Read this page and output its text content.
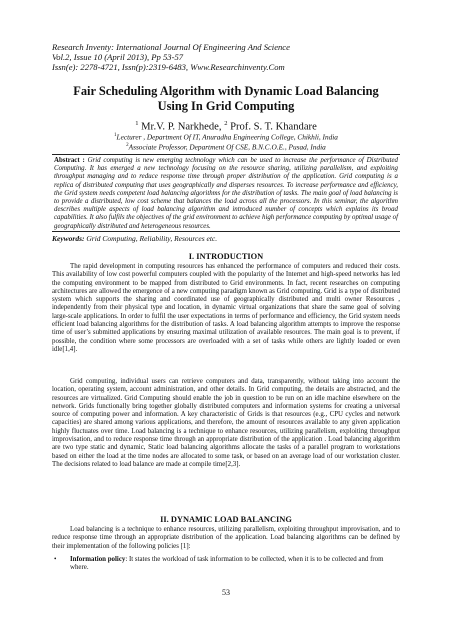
Research Inventy: International Journal Of Engineering And Science
Vol.2, Issue 10 (April 2013), Pp 53-57
Issn(e): 2278-4721, Issn(p):2319-6483, Www.Researchinventy.Com
Fair Scheduling Algorithm with Dynamic Load Balancing
Using In Grid Computing
$^1$ Mr.V. P. Narkhede, $^2$ Prof. S. T. Khandare
$^1$Lecturer , Department Of IT, Anuradha Engineering College, Chikhli, India
$^2$Associate Professor, Department Of CSE, B.N.C.O.E., Pusad, India
Abstract : Grid computing is new emerging technology which can be used to increase the performance of Distributed Computing. It has emerged a new technology focusing on the resource sharing, utilizing parallelism, and exploiting throughput managing and to reduce response time through proper distribution of the application. Grid computing is a replica of distributed computing that uses geographically and disperses resources. To increase performance and efficiency, the Grid system needs competent load balancing algorithms for the distribution of tasks. The main goal of load balancing is to provide a distributed, low cost scheme that balances the load across all the processors. In this seminar, the algorithm describes multiple aspects of load balancing algorithm and introduced number of concepts which explains its broad capabilities. It also fulfils the objectives of the grid environment to achieve high performance computing by optimal usage of geographically distributed and heterogeneous resources.
Keywords: Grid Computing, Reliability, Resources etc.
I. INTRODUCTION
The rapid development in computing resources has enhanced the performance of computers and reduced their costs. This availability of low cost powerful computers coupled with the popularity of the Internet and high-speed networks has led the computing environment to be mapped from distributed to Grid environments. In fact, recent researches on computing architectures are allowed the emergence of a new computing paradigm known as Grid computing. Grid is a type of distributed system which supports the sharing and coordinated use of geographically distributed and multi owner Resources , independently from their physical type and location, in dynamic virtual organizations that share the same goal of solving large-scale applications. In order to fulfil the user expectations in terms of performance and efficiency, the Grid system needs efficient load balancing algorithms for the distribution of tasks. A load balancing algorithm attempts to improve the response time of user’s submitted applications by ensuring maximal utilization of available resources. The main goal is to prevent, if possible, the condition where some processors are overloaded with a set of tasks while others are lightly loaded or even idle[1,4].
Grid computing, individual users can retrieve computers and data, transparently, without taking into account the location, operating system, account administration, and other details. In Grid computing, the details are abstracted, and the resources are virtualized. Grid Computing should enable the job in question to be run on an idle machine elsewhere on the network. Grids functionally bring together globally distributed computers and information systems for creating a universal source of computing power and information. A key characteristic of Grids is that resources (e.g., CPU cycles and network capacities) are shared among various applications, and therefore, the amount of resources available to any given application highly fluctuates over time. Load balancing is a technique to enhance resources, utilizing parallelism, exploiting throughput improvisation, and to reduce response time through an appropriate distribution of the application . Load balancing algorithm are two type static and dynamic, Static load balancing algorithms allocate the tasks of a parallel program to workstations based on either the load at the time nodes are allocated to some task, or based on an average load of our workstation cluster. The decisions related to load balance are made at compile time[2,3].
II. DYNAMIC LOAD BALANCING
Load balancing is a technique to enhance resources, utilizing parallelism, exploiting throughput improvisation, and to reduce response time through an appropriate distribution of the application. Load balancing algorithms can be defined by their implementation of the following policies [1]:
• Information policy: It states the workload of task information to be collected, when it is to be collected and from where.
53
